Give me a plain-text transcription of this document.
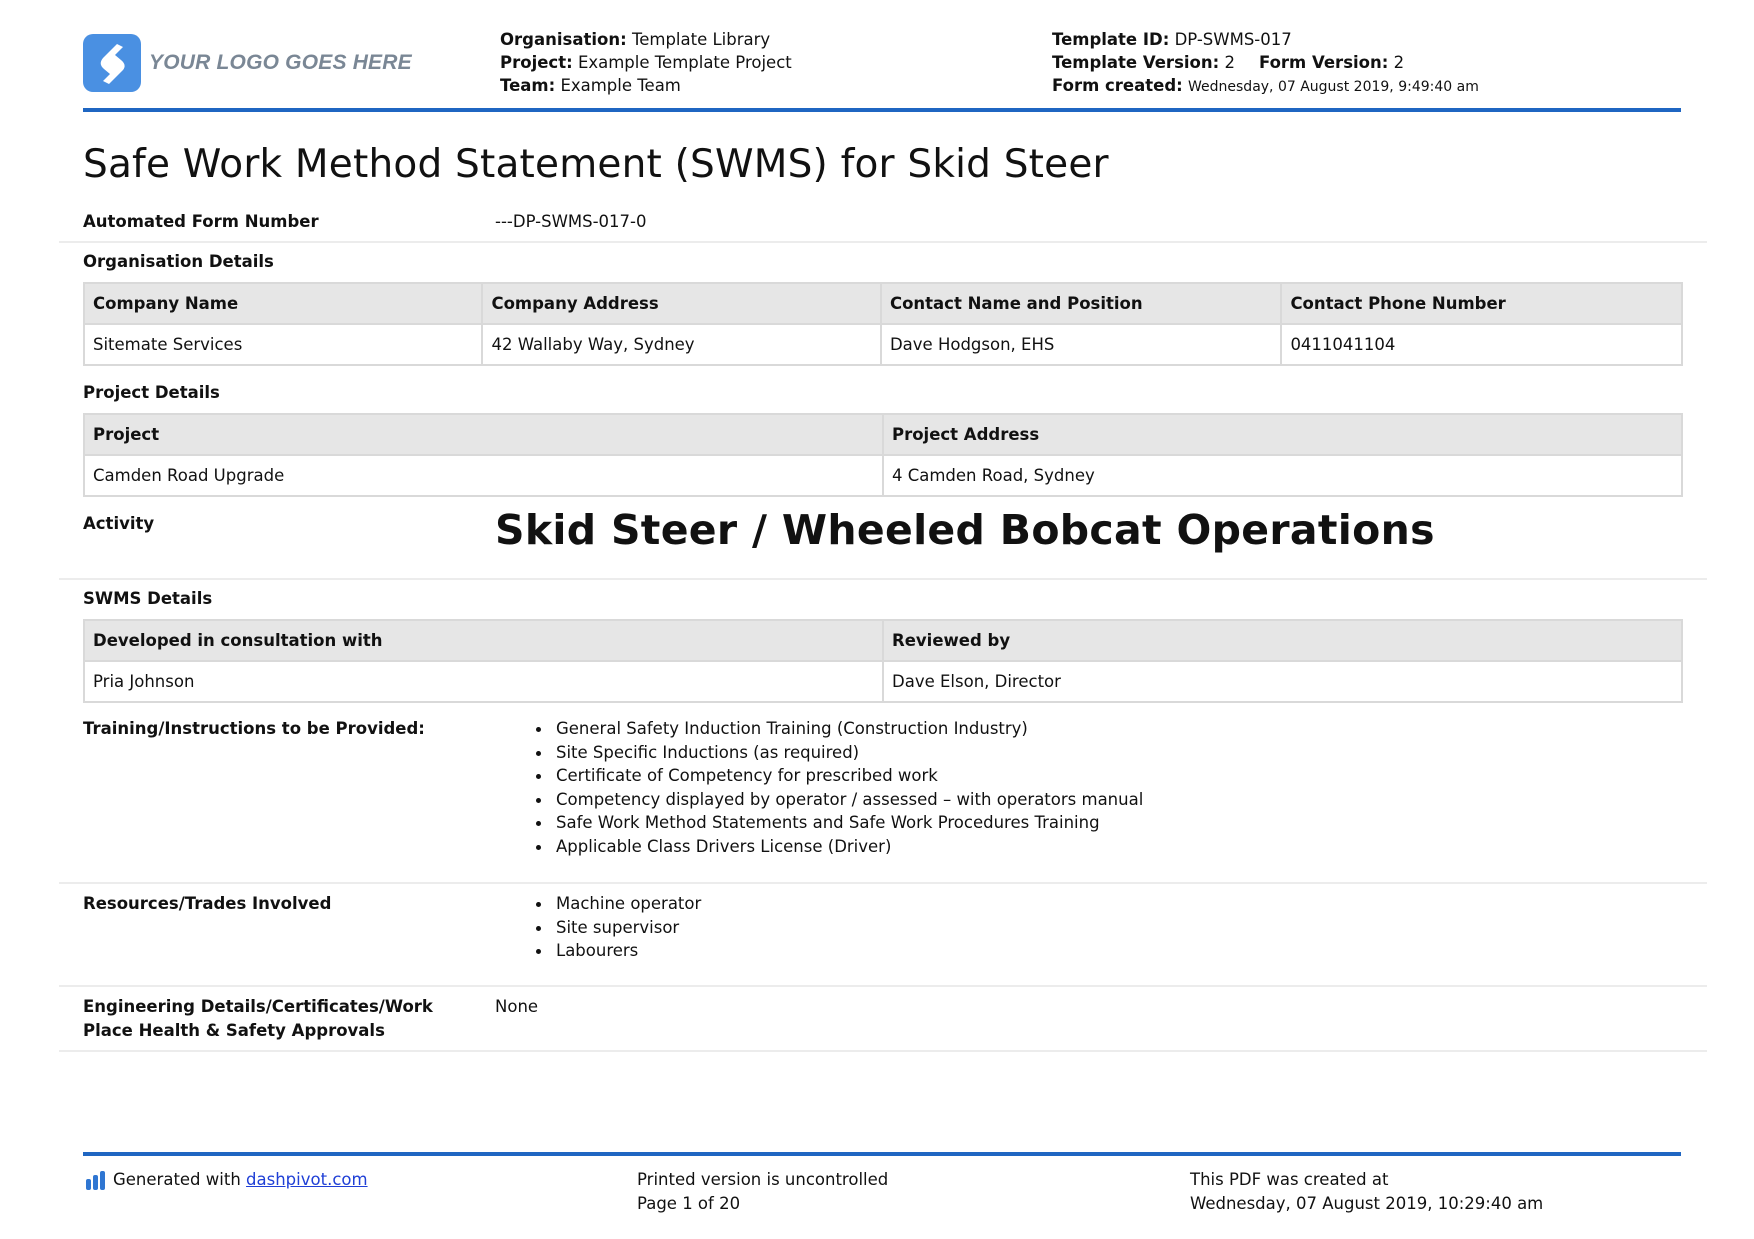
YOUR LOGO GOES HERE
Organisation: Template Library
Project: Example Template Project
Team: Example Team
Template ID: DP-SWMS-017
Template Version: 2 Form Version: 2
Form created: Wednesday, 07 August 2019, 9:49:40 am
Safe Work Method Statement (SWMS) for Skid Steer
Automated Form Number	---DP-SWMS-017-0
Organisation Details
Company Name	Company Address	Contact Name and Position	Contact Phone Number
Sitemate Services	42 Wallaby Way, Sydney	Dave Hodgson, EHS	0411041104
Project Details
Project	Project Address
Camden Road Upgrade	4 Camden Road, Sydney
Activity	Skid Steer / Wheeled Bobcat Operations
SWMS Details
Developed in consultation with	Reviewed by
Pria Johnson	Dave Elson, Director
Training/Instructions to be Provided:	General Safety Induction Training (Construction Industry)
Site Specific Inductions (as required)
Certificate of Competency for prescribed work
Competency displayed by operator / assessed – with operators manual
Safe Work Method Statements and Safe Work Procedures Training
Applicable Class Drivers License (Driver)
Resources/Trades Involved	Machine operator
Site supervisor
Labourers
Engineering Details/Certificates/Work
Place Health & Safety Approvals
None
Generated with
dashpivot.com	Printed version is uncontrolled
Page 1 of 20
This PDF was created at
Wednesday, 07 August 2019, 10:29:40 am
